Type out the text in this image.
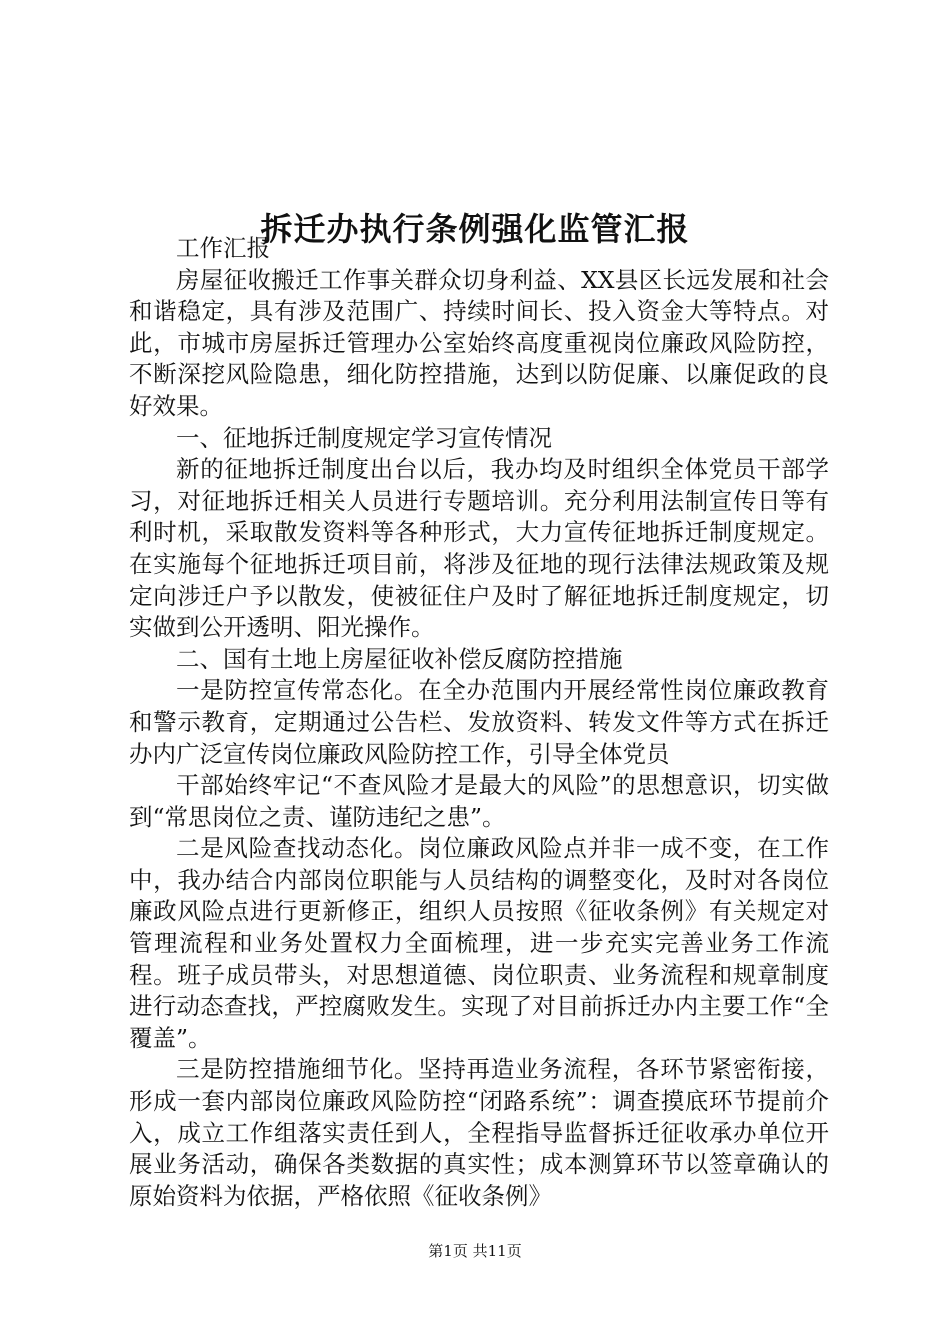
拆迁办执行条例强化监管汇报

工作汇报

房屋征收搬迁工作事关群众切身利益、XX县区长远发展和社会和谐稳定，具有涉及范围广、持续时间长、投入资金大等特点。对此，市城市房屋拆迁管理办公室始终高度重视岗位廉政风险防控，不断深挖风险隐患，细化防控措施，达到以防促廉、以廉促政的良好效果。

一、征地拆迁制度规定学习宣传情况

新的征地拆迁制度出台以后，我办均及时组织全体党员干部学习，对征地拆迁相关人员进行专题培训。充分利用法制宣传日等有利时机，采取散发资料等各种形式，大力宣传征地拆迁制度规定。在实施每个征地拆迁项目前，将涉及征地的现行法律法规政策及规定向涉迁户予以散发，使被征住户及时了解征地拆迁制度规定，切实做到公开透明、阳光操作。

二、国有土地上房屋征收补偿反腐防控措施

一是防控宣传常态化。在全办范围内开展经常性岗位廉政教育和警示教育，定期通过公告栏、发放资料、转发文件等方式在拆迁办内广泛宣传岗位廉政风险防控工作，引导全体党员

干部始终牢记“不查风险才是最大的风险”的思想意识，切实做到“常思岗位之责、谨防违纪之患”。

二是风险查找动态化。岗位廉政风险点并非一成不变，在工作中，我办结合内部岗位职能与人员结构的调整变化，及时对各岗位廉政风险点进行更新修正，组织人员按照《征收条例》有关规定对管理流程和业务处置权力全面梳理，进一步充实完善业务工作流程。班子成员带头，对思想道德、岗位职责、业务流程和规章制度进行动态查找，严控腐败发生。实现了对目前拆迁办内主要工作“全覆盖”。

三是防控措施细节化。坚持再造业务流程，各环节紧密衔接，形成一套内部岗位廉政风险防控“闭路系统”：调查摸底环节提前介入，成立工作组落实责任到人，全程指导监督拆迁征收承办单位开展业务活动，确保各类数据的真实性；成本测算环节以签章确认的原始资料为依据，严格依照《征收条例》

第1页 共11页
